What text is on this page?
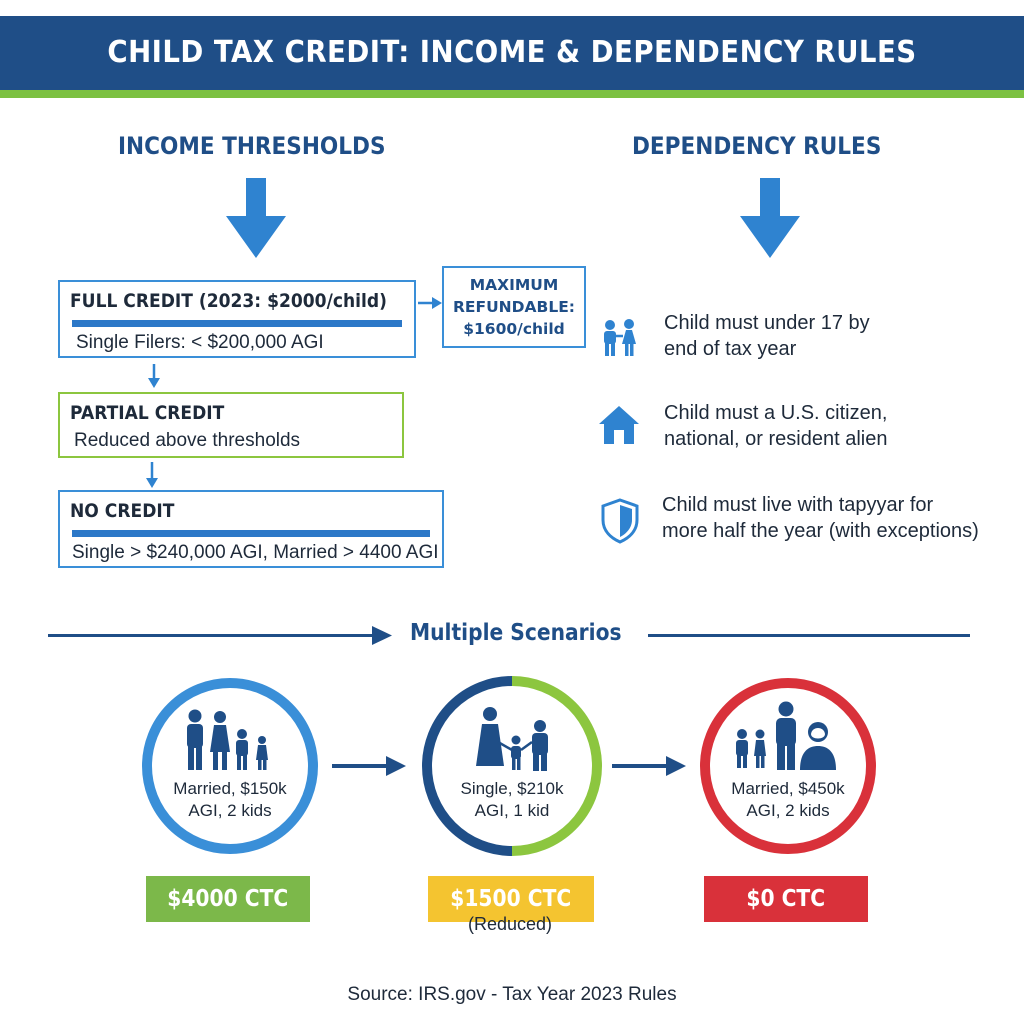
CHILD TAX CREDIT: INCOME & DEPENDENCY RULES
INCOME THRESHOLDS	DEPENDENCY RULES
FULL CREDIT (2023: $2000/child)
Single Filers: < $200,000 AGI
MAXIMUM
REFUNDABLE:
$1600/child
PARTIAL CREDIT
Reduced above thresholds
NO CREDIT
Single > $240,000 AGI, Married > 4400 AGI
Child must under 17 by
end of tax year
Child must a U.S. citizen,
national, or resident alien
Child must live with tapyyar for
more half the year (with exceptions)
Multiple Scenarios
Married, $150k
AGI, 2 kids
$4000 CTC
Single, $210k
AGI, 1 kid
$1500 CTC
(Reduced)
Married, $450k
AGI, 2 kids
$0 CTC
Source: IRS.gov - Tax Year 2023 Rules
